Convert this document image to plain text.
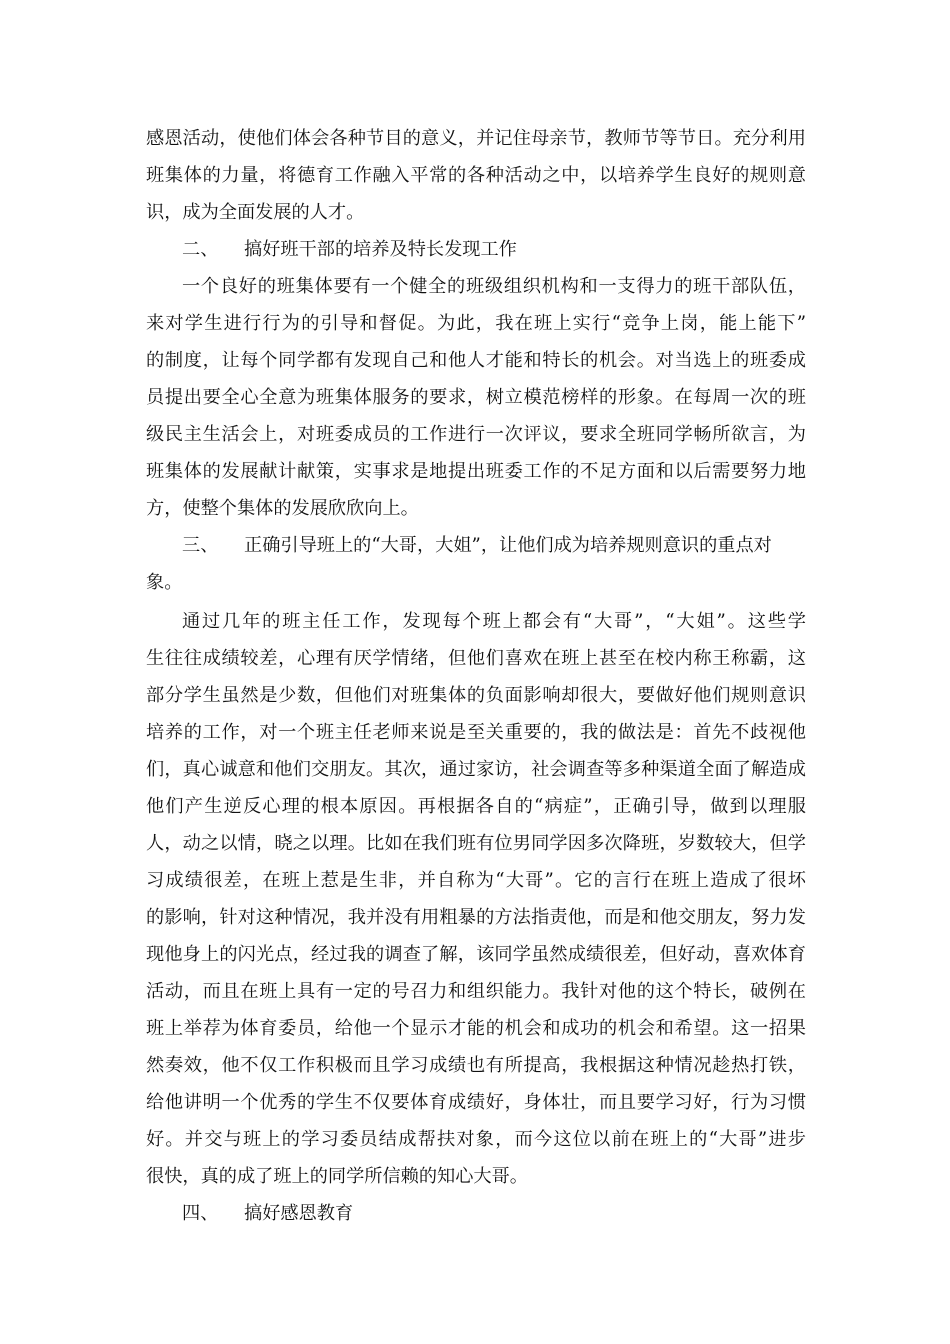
感恩活动，使他们体会各种节目的意义，并记住母亲节，教师节等节日。充分利用
班集体的力量，将德育工作融入平常的各种活动之中，以培养学生良好的规则意
识，成为全面发展的人才。
二、 搞好班干部的培养及特长发现工作
一个良好的班集体要有一个健全的班级组织机构和一支得力的班干部队伍，
来对学生进行行为的引导和督促。为此，我在班上实行“竞争上岗，能上能下”
的制度，让每个同学都有发现自己和他人才能和特长的机会。对当选上的班委成
员提出要全心全意为班集体服务的要求，树立模范榜样的形象。在每周一次的班
级民主生活会上，对班委成员的工作进行一次评议，要求全班同学畅所欲言，为
班集体的发展献计献策，实事求是地提出班委工作的不足方面和以后需要努力地
方，使整个集体的发展欣欣向上。
三、 正确引导班上的“大哥，大姐”，让他们成为培养规则意识的重点对
象。
通过几年的班主任工作，发现每个班上都会有“大哥”，“大姐”。这些学
生往往成绩较差，心理有厌学情绪，但他们喜欢在班上甚至在校内称王称霸，这
部分学生虽然是少数，但他们对班集体的负面影响却很大，要做好他们规则意识
培养的工作，对一个班主任老师来说是至关重要的，我的做法是：首先不歧视他
们，真心诚意和他们交朋友。其次，通过家访，社会调查等多种渠道全面了解造成
他们产生逆反心理的根本原因。再根据各自的“病症”，正确引导，做到以理服
人，动之以情，晓之以理。比如在我们班有位男同学因多次降班，岁数较大，但学
习成绩很差，在班上惹是生非，并自称为“大哥”。它的言行在班上造成了很坏
的影响，针对这种情况，我并没有用粗暴的方法指责他，而是和他交朋友，努力发
现他身上的闪光点，经过我的调查了解，该同学虽然成绩很差，但好动，喜欢体育
活动，而且在班上具有一定的号召力和组织能力。我针对他的这个特长，破例在
班上举荐为体育委员，给他一个显示才能的机会和成功的机会和希望。这一招果
然奏效，他不仅工作积极而且学习成绩也有所提高，我根据这种情况趁热打铁，
给他讲明一个优秀的学生不仅要体育成绩好，身体壮，而且要学习好，行为习惯
好。并交与班上的学习委员结成帮扶对象，而今这位以前在班上的“大哥”进步
很快，真的成了班上的同学所信赖的知心大哥。
四、 搞好感恩教育
